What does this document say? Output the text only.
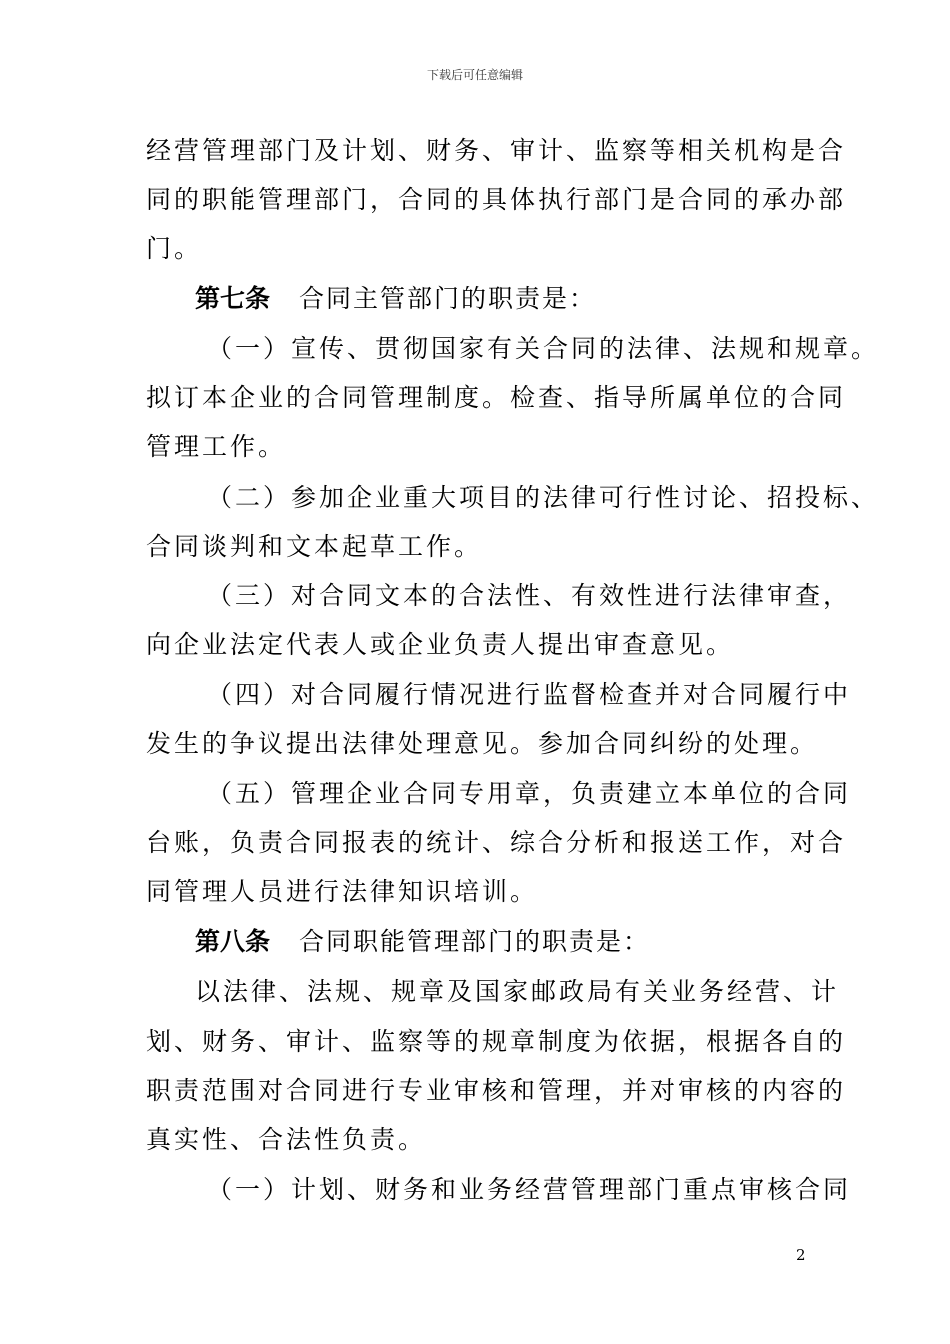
下载后可任意编辑
经营管理部门及计划、财务、审计、监察等相关机构是合
同的职能管理部门，合同的具体执行部门是合同的承办部
门。
第七条 合同主管部门的职责是：
（一）宣传、贯彻国家有关合同的法律、法规和规章。
拟订本企业的合同管理制度。检查、指导所属单位的合同
管理工作。
（二）参加企业重大项目的法律可行性讨论、招投标、
合同谈判和文本起草工作。
（三）对合同文本的合法性、有效性进行法律审查，
向企业法定代表人或企业负责人提出审查意见。
（四）对合同履行情况进行监督检查并对合同履行中
发生的争议提出法律处理意见。参加合同纠纷的处理。
（五）管理企业合同专用章，负责建立本单位的合同
台账，负责合同报表的统计、综合分析和报送工作，对合
同管理人员进行法律知识培训。
第八条 合同职能管理部门的职责是：
以法律、法规、规章及国家邮政局有关业务经营、计
划、财务、审计、监察等的规章制度为依据，根据各自的
职责范围对合同进行专业审核和管理，并对审核的内容的
真实性、合法性负责。
（一）计划、财务和业务经营管理部门重点审核合同
2
